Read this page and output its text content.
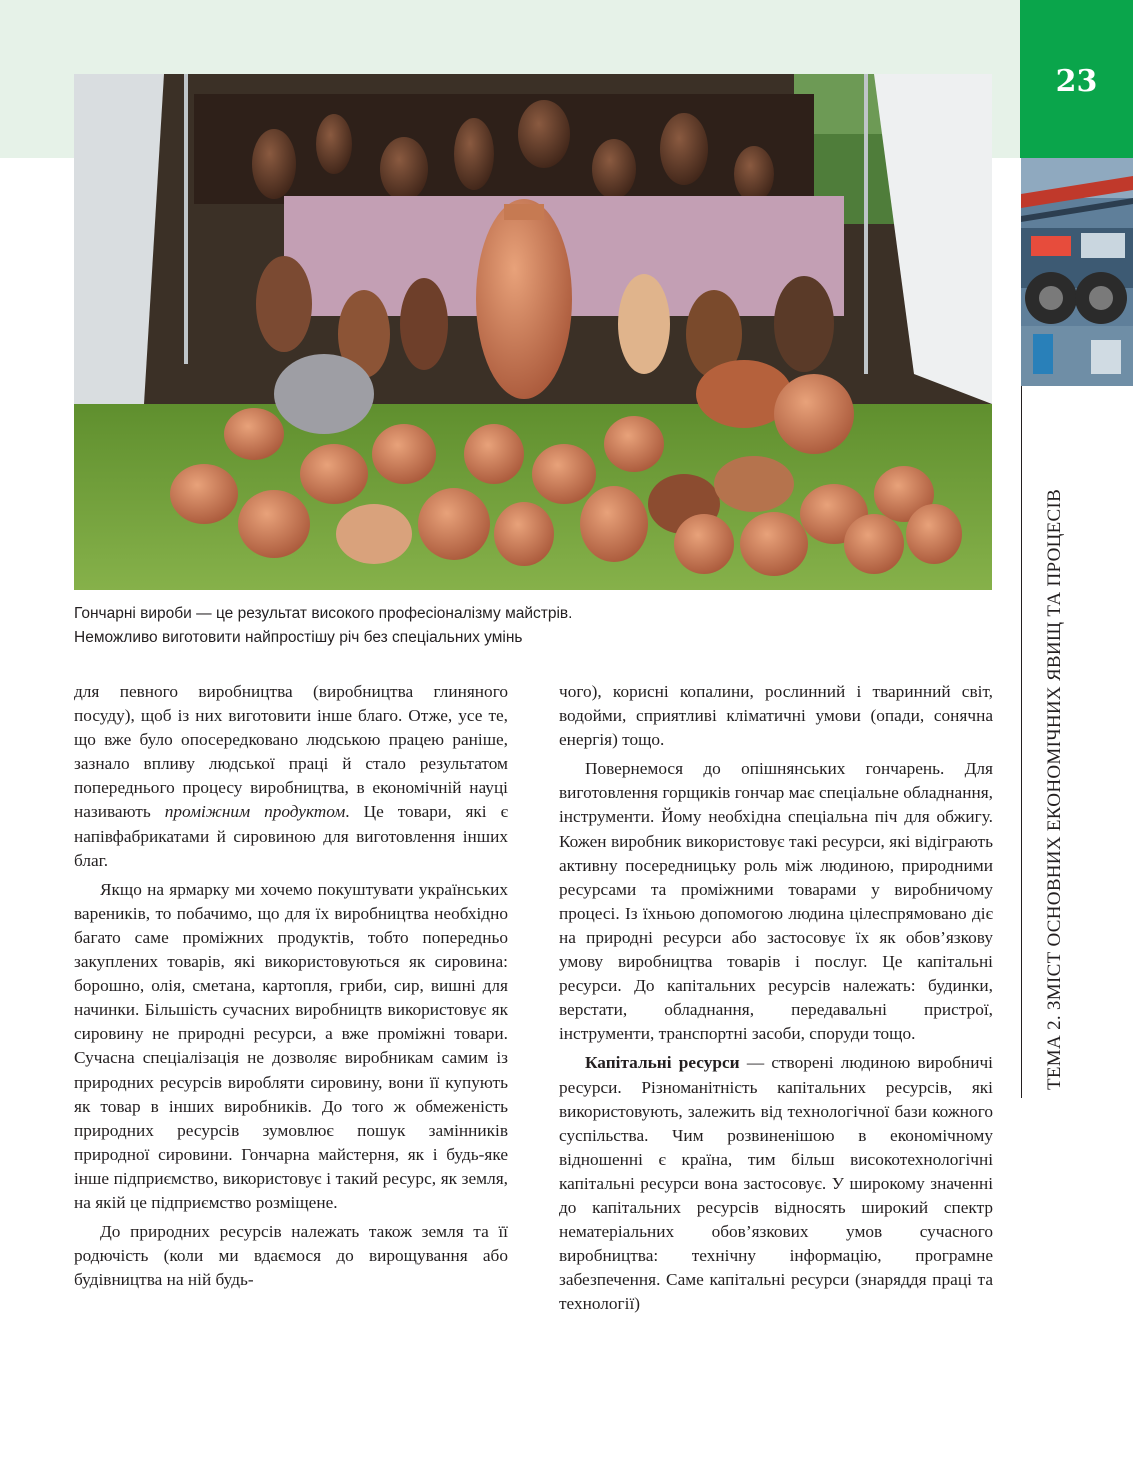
23
ТЕМА 2. ЗМІСТ ОСНОВНИХ ЕКОНОМІЧНИХ ЯВИЩ ТА ПРОЦЕСІВ
Гончарні вироби — це результат високого професіоналізму майстрів.
Неможливо виготовити найпростішу річ без спеціальних умінь

для певного виробництва (виробництва глиняного посуду), щоб із них виготовити інше благо. Отже, усе те, що вже було опосередковано людською працею раніше, зазнало впливу людської праці й стало результатом попереднього процесу виробництва, в економічній науці називають проміжним продуктом. Це товари, які є напівфабрикатами й сировиною для виготовлення інших благ.

Якщо на ярмарку ми хочемо покуштувати українських вареників, то побачимо, що для їх виробництва необхідно багато саме проміжних продуктів, тобто попередньо закуплених товарів, які використовуються як сировина: борошно, олія, сметана, картопля, гриби, сир, вишні для начинки. Більшість сучасних виробництв використовує як сировину не природні ресурси, а вже проміжні товари. Сучасна спеціалізація не дозволяє виробникам самим із природних ресурсів виробляти сировину, вони її купують як товар в інших виробників. До того ж обмеженість природних ресурсів зумовлює пошук замінників природної сировини. Гончарна майстерня, як і будь-яке інше підприємство, використовує і такий ресурс, як земля, на якій це підприємство розміщене.

До природних ресурсів належать також земля та її родючість (коли ми вдаємося до вирощування або будівництва на ній будь-

чого), корисні копалини, рослинний і тваринний світ, водойми, сприятливі кліматичні умови (опади, сонячна енергія) тощо.

Повернемося до опішнянських гончарень. Для виготовлення горщиків гончар має спеціальне обладнання, інструменти. Йому необхідна спеціальна піч для обжигу. Кожен виробник використовує такі ресурси, які відіграють активну посередницьку роль між людиною, природними ресурсами та проміжними товарами у виробничому процесі. Із їхньою допомогою людина цілеспрямовано діє на природні ресурси або застосовує їх як обов’язкову умову виробництва товарів і послуг. Це капітальні ресурси. До капітальних ресурсів належать: будинки, верстати, обладнання, передавальні пристрої, інструменти, транспортні засоби, споруди тощо.

Капітальні ресурси — створені людиною виробничі ресурси. Різноманітність капітальних ресурсів, які використовують, залежить від технологічної бази кожного суспільства. Чим розвиненішою в економічному відношенні є країна, тим більш високотехнологічні капітальні ресурси вона застосовує. У широкому значенні до капітальних ресурсів відносять широкий спектр нематеріальних обов’язкових умов сучасного виробництва: технічну інформацію, програмне забезпечення. Саме капітальні ресурси (знаряддя праці та технології)
